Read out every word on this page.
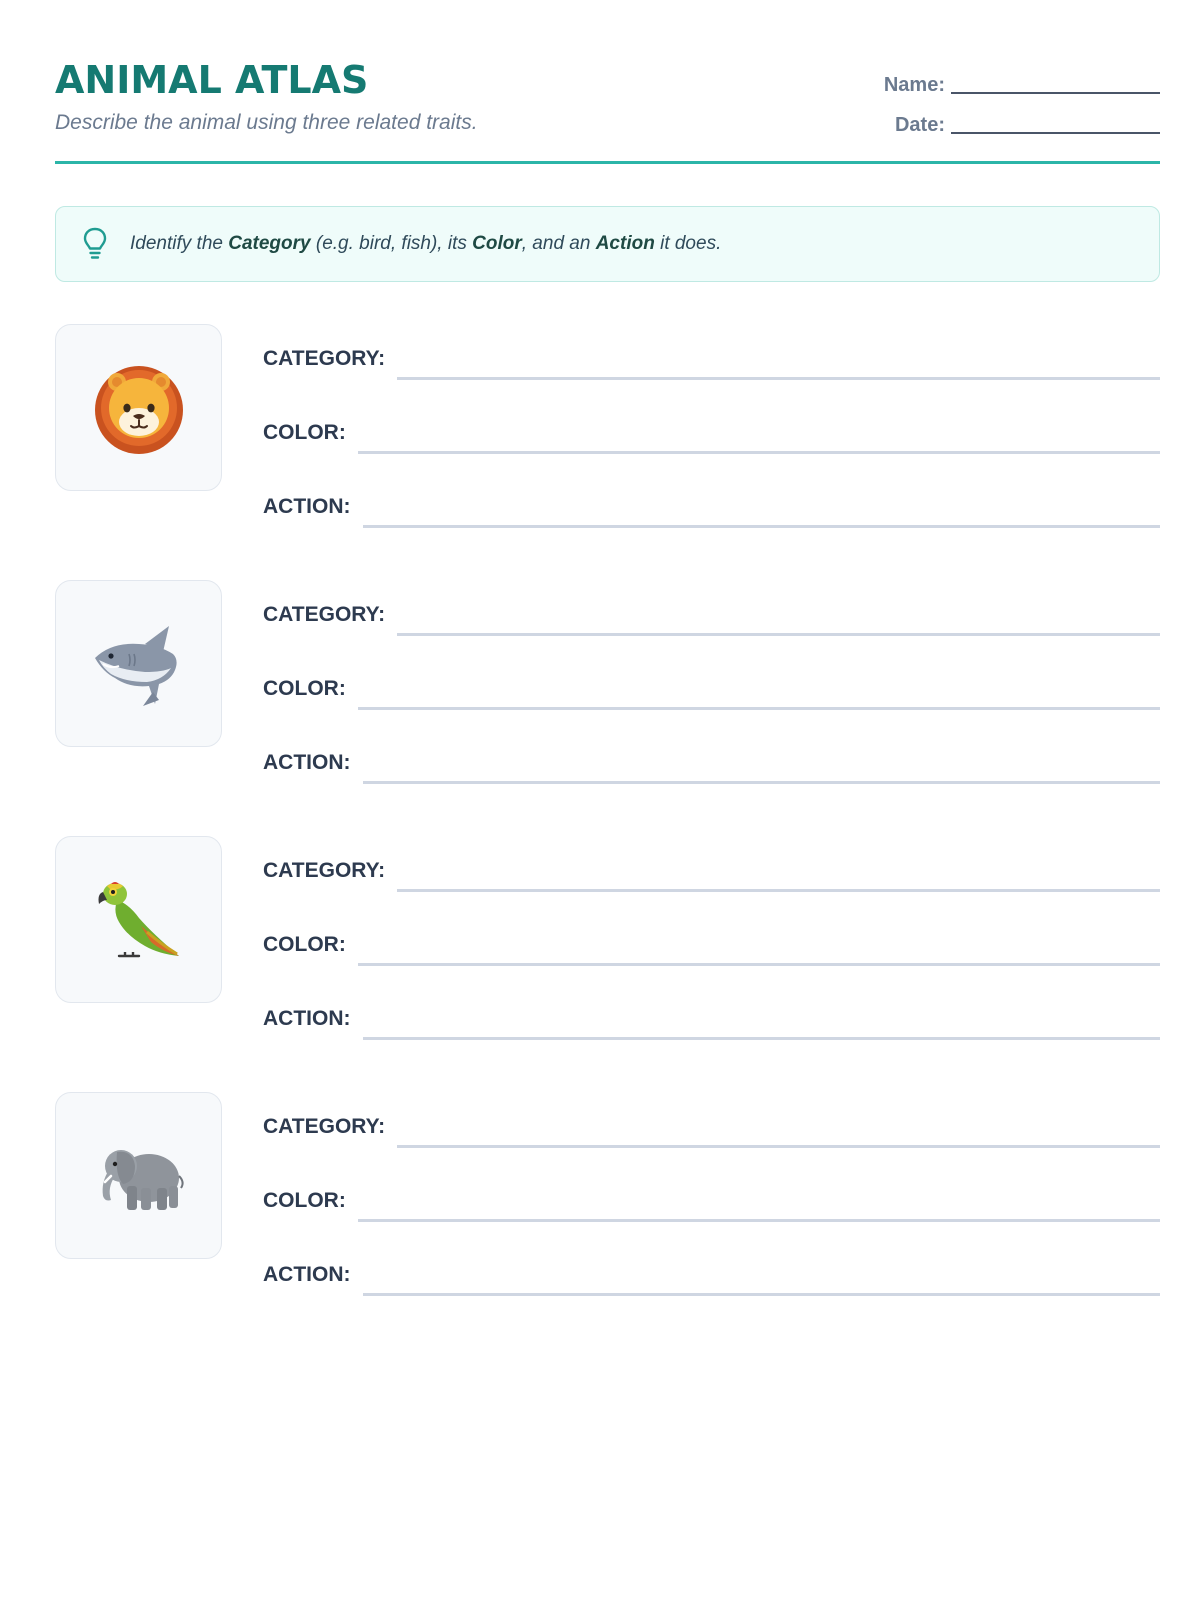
ANIMAL ATLAS
Describe the animal using three related traits.
Name:
Date:
Identify the Category (e.g. bird, fish), its Color, and an Action it does.
CATEGORY:
COLOR:
ACTION:
CATEGORY:
COLOR:
ACTION:
CATEGORY:
COLOR:
ACTION:
CATEGORY:
COLOR:
ACTION:
